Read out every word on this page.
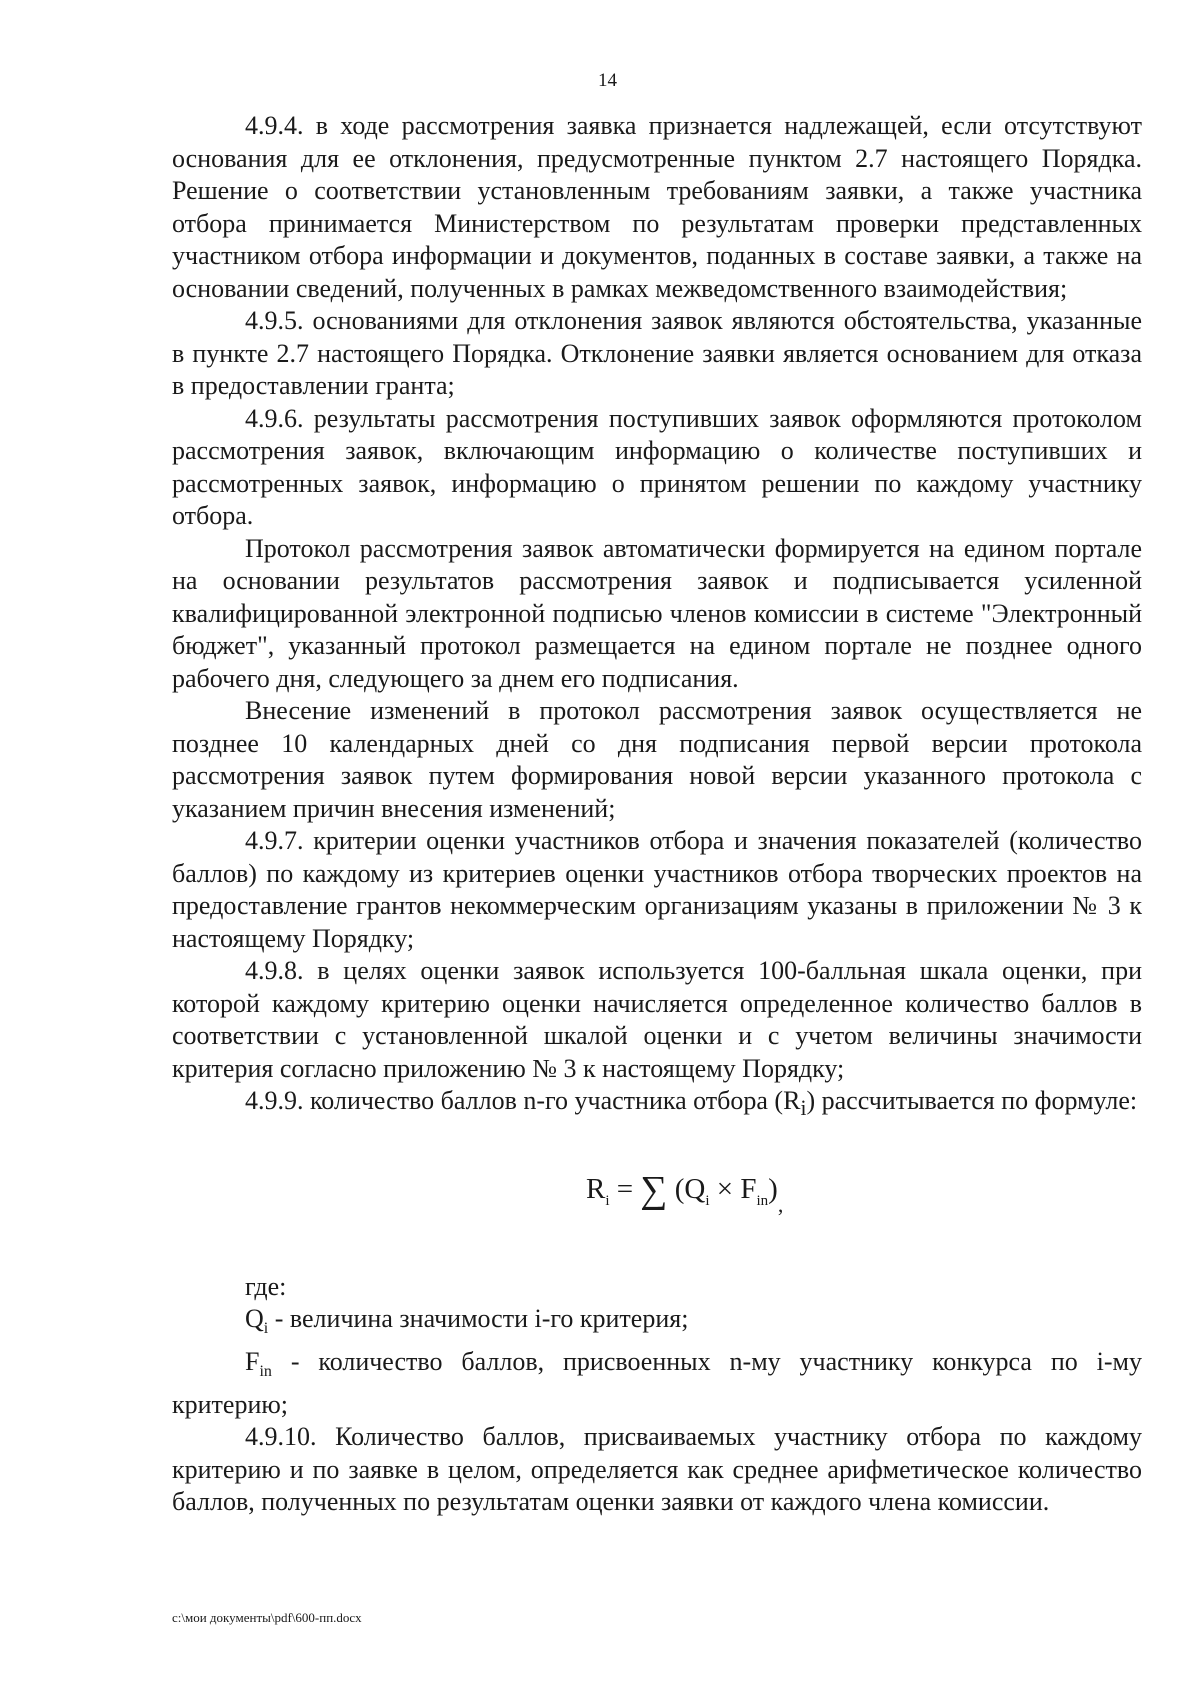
14

4.9.4. в ходе рассмотрения заявка признается надлежащей, если отсутствуют основания для ее отклонения, предусмотренные пунктом 2.7 настоящего Порядка. Решение о соответствии установленным требованиям заявки, а также участника отбора принимается Министерством по результатам проверки представленных участником отбора информации и документов, поданных в составе заявки, а также на основании сведений, полученных в рамках межведомственного взаимодействия;

4.9.5. основаниями для отклонения заявок являются обстоятельства, указанные в пункте 2.7 настоящего Порядка. Отклонение заявки является основанием для отказа в предоставлении гранта;

4.9.6. результаты рассмотрения поступивших заявок оформляются протоколом рассмотрения заявок, включающим информацию о количестве поступивших и рассмотренных заявок, информацию о принятом решении по каждому участнику отбора.

Протокол рассмотрения заявок автоматически формируется на едином портале на основании результатов рассмотрения заявок и подписывается усиленной квалифицированной электронной подписью членов комиссии в системе "Электронный бюджет", указанный протокол размещается на едином портале не позднее одного рабочего дня, следующего за днем его подписания.

Внесение изменений в протокол рассмотрения заявок осуществляется не позднее 10 календарных дней со дня подписания первой версии протокола рассмотрения заявок путем формирования новой версии указанного протокола с указанием причин внесения изменений;

4.9.7. критерии оценки участников отбора и значения показателей (количество баллов) по каждому из критериев оценки участников отбора творческих проектов на предоставление грантов некоммерческим организациям указаны в приложении № 3 к настоящему Порядку;

4.9.8. в целях оценки заявок используется 100-балльная шкала оценки, при которой каждому критерию оценки начисляется определенное количество баллов в соответствии с установленной шкалой оценки и с учетом величины значимости критерия согласно приложению № 3 к настоящему Порядку;

4.9.9. количество баллов n-го участника отбора $(R_i)$ рассчитывается по формуле:

$R_i$ = ∑ $(Q_i \times F_{in})_,$

где:

$Q_i$ - величина значимости i-го критерия;

$F_{in}$ - количество баллов, присвоенных n-му участнику конкурса по i-му критерию;

4.9.10. Количество баллов, присваиваемых участнику отбора по каждому критерию и по заявке в целом, определяется как среднее арифметическое количество баллов, полученных по результатам оценки заявки от каждого члена комиссии.

c:\мои документы\pdf\600-пп.docx
